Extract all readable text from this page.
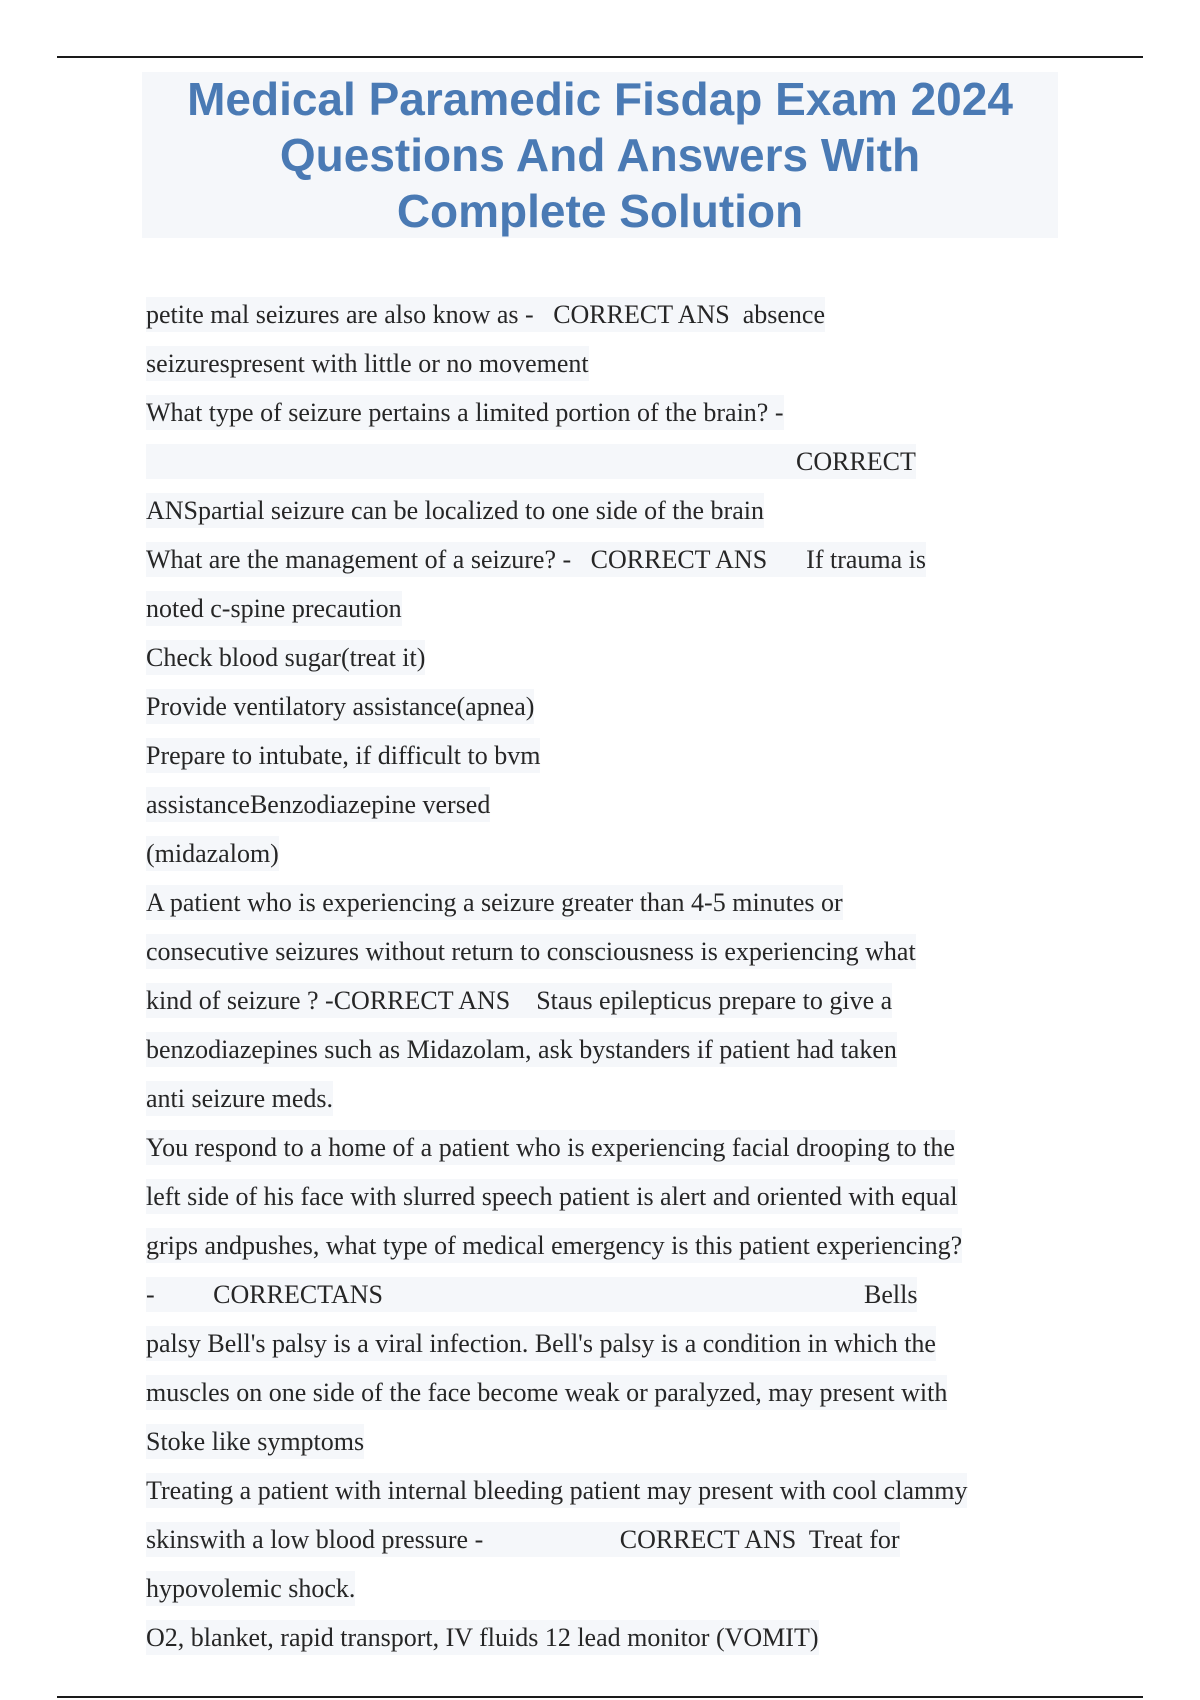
Medical Paramedic Fisdap Exam 2024
Questions And Answers With
Complete Solution
petite mal seizures are also know as -   CORRECT ANS  absence
seizurespresent with little or no movement
What type of seizure pertains a limited portion of the brain? -
CORRECT
ANSpartial seizure can be localized to one side of the brain
What are the management of a seizure? -   CORRECT ANS      If trauma is
noted c-spine precaution
Check blood sugar(treat it)
Provide ventilatory assistance(apnea)
Prepare to intubate, if difficult to bvm
assistanceBenzodiazepine versed
(midazalom)
A patient who is experiencing a seizure greater than 4-5 minutes or
consecutive seizures without return to consciousness is experiencing what
kind of seizure ? -CORRECT ANS    Staus epilepticus prepare to give a
benzodiazepines such as Midazolam, ask bystanders if patient had taken
anti seizure meds.
You respond to a home of a patient who is experiencing facial drooping to the
left side of his face with slurred speech patient is alert and oriented with equal
grips andpushes, what type of medical emergency is this patient experiencing?
-         CORRECTANS                                                                          Bells
palsy Bell's palsy is a viral infection. Bell's palsy is a condition in which the
muscles on one side of the face become weak or paralyzed, may present with
Stoke like symptoms
Treating a patient with internal bleeding patient may present with cool clammy
skinswith a low blood pressure -                     CORRECT ANS  Treat for
hypovolemic shock.
O2, blanket, rapid transport, IV fluids 12 lead monitor (VOMIT)
